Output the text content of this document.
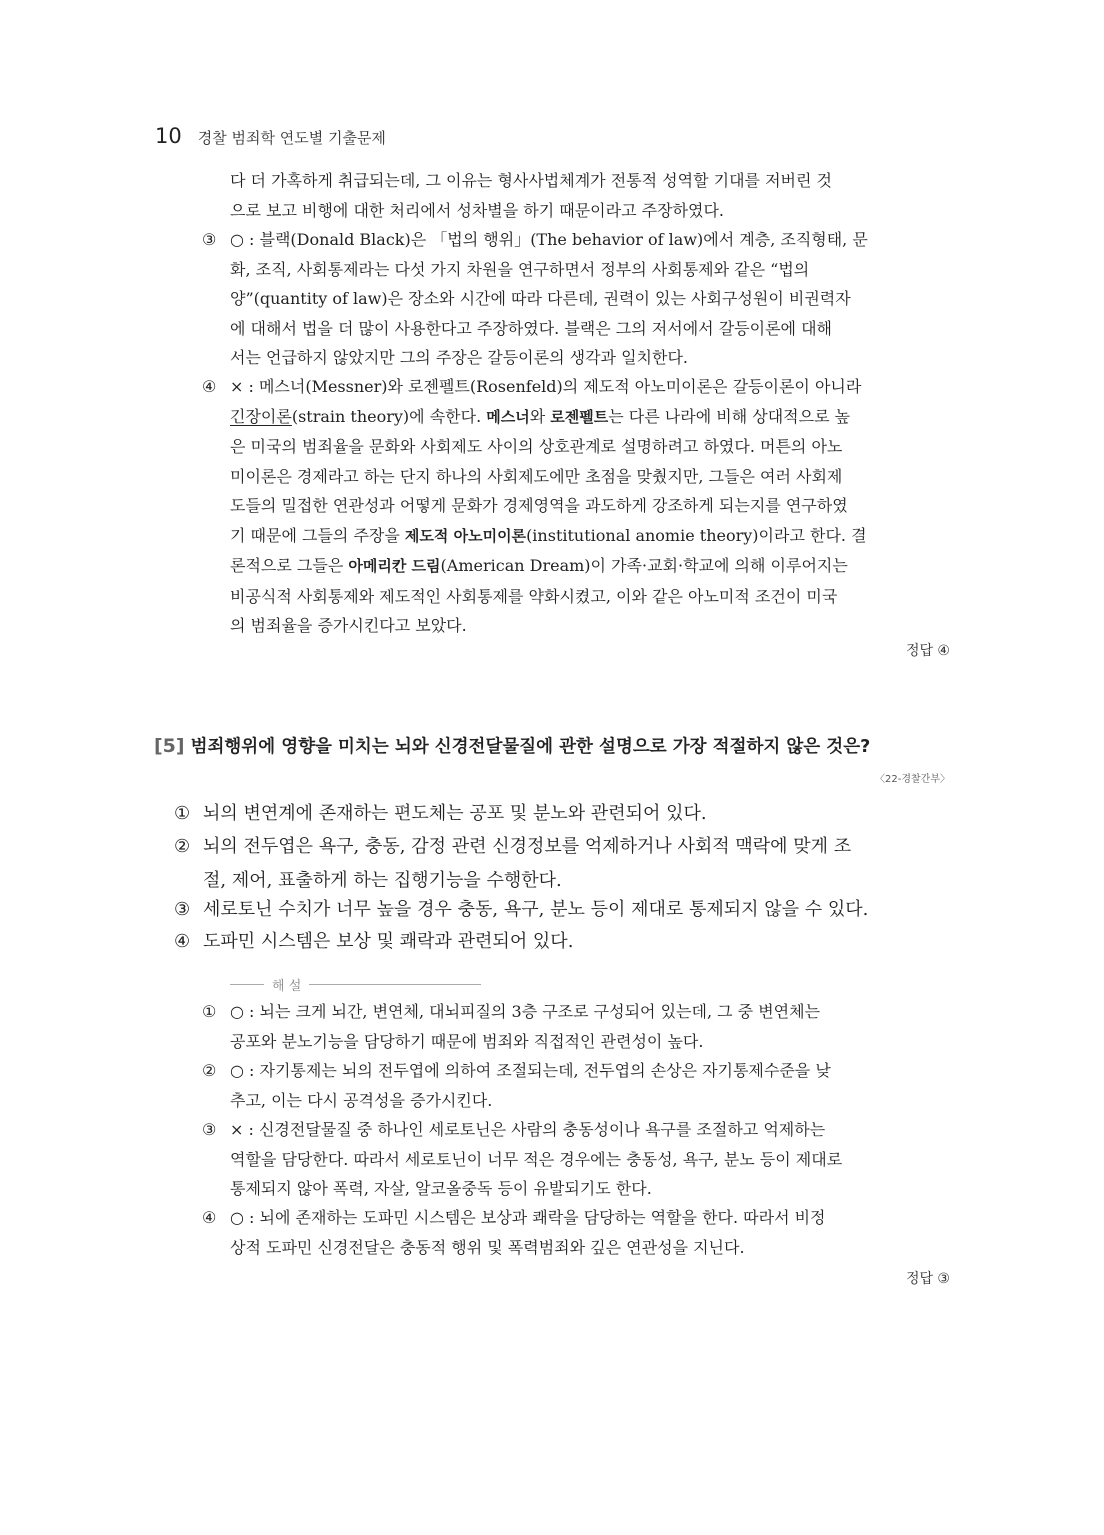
10 경찰 범죄학 연도별 기출문제
다 더 가혹하게 취급되는데, 그 이유는 형사사법체계가 전통적 성역할 기대를 저버린 것
으로 보고 비행에 대한 처리에서 성차별을 하기 때문이라고 주장하였다.
③ ○ : 블랙(Donald Black)은 「법의 행위」(The behavior of law)에서 계층, 조직형태, 문
화, 조직, 사회통제라는 다섯 가지 차원을 연구하면서 정부의 사회통제와 같은 “법의
양”(quantity of law)은 장소와 시간에 따라 다른데, 권력이 있는 사회구성원이 비권력자
에 대해서 법을 더 많이 사용한다고 주장하였다. 블랙은 그의 저서에서 갈등이론에 대해
서는 언급하지 않았지만 그의 주장은 갈등이론의 생각과 일치한다.
④ × : 메스너(Messner)와 로젠펠트(Rosenfeld)의 제도적 아노미이론은 갈등이론이 아니라
긴장이론(strain theory)에 속한다. 메스너와 로젠펠트는 다른 나라에 비해 상대적으로 높
은 미국의 범죄율을 문화와 사회제도 사이의 상호관계로 설명하려고 하였다. 머튼의 아노
미이론은 경제라고 하는 단지 하나의 사회제도에만 초점을 맞췄지만, 그들은 여러 사회제
도들의 밀접한 연관성과 어떻게 문화가 경제영역을 과도하게 강조하게 되는지를 연구하였
기 때문에 그들의 주장을 제도적 아노미이론(institutional anomie theory)이라고 한다. 결
론적으로 그들은 아메리칸 드림(American Dream)이 가족·교회·학교에 의해 이루어지는
비공식적 사회통제와 제도적인 사회통제를 약화시켰고, 이와 같은 아노미적 조건이 미국
의 범죄율을 증가시킨다고 보았다.
정답 ④
[5] 범죄행위에 영향을 미치는 뇌와 신경전달물질에 관한 설명으로 가장 적절하지 않은 것은?
〈22-경찰간부〉
① 뇌의 변연계에 존재하는 편도체는 공포 및 분노와 관련되어 있다.
② 뇌의 전두엽은 욕구, 충동, 감정 관련 신경정보를 억제하거나 사회적 맥락에 맞게 조
절, 제어, 표출하게 하는 집행기능을 수행한다.
③ 세로토닌 수치가 너무 높을 경우 충동, 욕구, 분노 등이 제대로 통제되지 않을 수 있다.
④ 도파민 시스템은 보상 및 쾌락과 관련되어 있다.
해 설
① ○ : 뇌는 크게 뇌간, 변연체, 대뇌피질의 3층 구조로 구성되어 있는데, 그 중 변연체는
공포와 분노기능을 담당하기 때문에 범죄와 직접적인 관련성이 높다.
② ○ : 자기통제는 뇌의 전두엽에 의하여 조절되는데, 전두엽의 손상은 자기통제수준을 낮
추고, 이는 다시 공격성을 증가시킨다.
③ × : 신경전달물질 중 하나인 세로토닌은 사람의 충동성이나 욕구를 조절하고 억제하는
역할을 담당한다. 따라서 세로토닌이 너무 적은 경우에는 충동성, 욕구, 분노 등이 제대로
통제되지 않아 폭력, 자살, 알코올중독 등이 유발되기도 한다.
④ ○ : 뇌에 존재하는 도파민 시스템은 보상과 쾌락을 담당하는 역할을 한다. 따라서 비정
상적 도파민 신경전달은 충동적 행위 및 폭력범죄와 깊은 연관성을 지닌다.
정답 ③
